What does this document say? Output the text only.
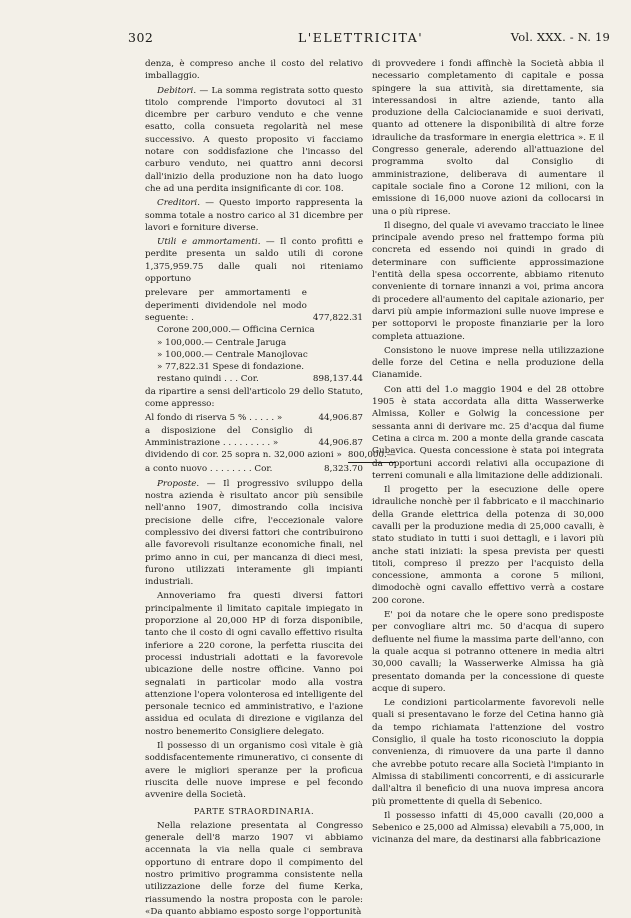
302	L'ELETTRICITA'	Vol. XXX. - N. 19

denza, è compreso anche il costo del relativo imballaggio.

Debitori. — La somma registrata sotto questo titolo comprende l'importo dovutoci al 31 dicembre per carburo venduto e che venne esatto, colla consueta regolarità nel mese successivo. A questo proposito vi facciamo notare con soddisfazione che l'incasso del carburo venduto, nei quattro anni decorsi dall'inizio della produzione non ha dato luogo che ad una perdita insignificante di cor. 108.

Creditori. — Questo importo rappresenta la somma totale a nostro carico al 31 dicembre per lavori e forniture diverse.

Utili e ammortamenti. — Il conto profitti e perdite presenta un saldo utili di corone 1,375,959.75 dalle quali noi riteniamo opportuno

prelevare per ammortamenti e deperimenti dividendole nel modo seguente: .	477,822.31
Corone 200,000.— Officina Cernica
» 100,000.— Centrale Jaruga
» 100,000.— Centrale Manojlovac
» 77,822.31 Spese di fondazione.
restano quindi . . . Cor.	898,137.44

da ripartire a sensi dell'articolo 29 dello Statuto, come appresso:

Al fondo di riserva 5 % . . . . . »	44,906.87
a disposizione del Consiglio di Amministrazione . . . . . . . . . »	44,906.87
dividendo di cor. 25 sopra n. 32,000 azioni » 800,000.—
a conto nuovo . . . . . . . . Cor.	8,323.70

Proposte. — Il progressivo sviluppo della nostra azienda è risultato ancor più sensibile nell'anno 1907, dimostrando colla incisiva precisione delle cifre, l'eccezionale valore complessivo dei diversi fattori che contribuirono alle favorevoli risultanze economiche finali, nel primo anno in cui, per mancanza di dieci mesi, furono utilizzati interamente gli impianti industriali.

Annoveriamo fra questi diversi fattori principalmente il limitato capitale impiegato in proporzione al 20,000 HP di forza disponibile, tanto che il costo di ogni cavallo effettivo risulta inferiore a 220 corone, la perfetta riuscita dei processi industriali adottati e la favorevole ubicazione delle nostre officine. Vanno poi segnalati in particolar modo alla vostra attenzione l'opera volonterosa ed intelligente del personale tecnico ed amministrativo, e l'azione assidua ed oculata di direzione e vigilanza del nostro benemerito Consigliere delegato.

Il possesso di un organismo così vitale è già soddisfacentemente rimunerativo, ci consente di avere le migliori speranze per la proficua riuscita delle nuove imprese e pel fecondo avvenire della Società.

PARTE STRAORDINARIA.

Nella relazione presentata al Congresso generale dell'8 marzo 1907 vi abbiamo accennata la via nella quale ci sembrava opportuno di entrare dopo il compimento del nostro primitivo programma consistente nella utilizzazione delle forze del fiume Kerka, riassumendo la nostra proposta con le parole: «Da quanto abbiamo esposto sorge l'opportunità

di provvedere i fondi affinchè la Società abbia il necessario completamento di capitale e possa spingere la sua attività, sia direttamente, sia interessandosi in altre aziende, tanto alla produzione della Calciocianamide e suoi derivati, quanto ad ottenere la disponibilità di altre forze idrauliche da trasformare in energia elettrica ». E il Congresso generale, aderendo all'attuazione del programma svolto dal Consiglio di amministrazione, deliberava di aumentare il capitale sociale fino a Corone 12 milioni, con la emissione di 16,000 nuove azioni da collocarsi in una o più riprese.

Il disegno, del quale vi avevamo tracciato le linee principale avendo preso nel frattempo forma più concreta ed essendo noi quindi in grado di determinare con sufficiente approssimazione l'entità della spesa occorrente, abbiamo ritenuto conveniente di tornare innanzi a voi, prima ancora di procedere all'aumento del capitale azionario, per darvi più ampie informazioni sulle nuove imprese e per sottoporvi le proposte finanziarie per la loro completa attuazione.

Consistono le nuove imprese nella utilizzazione delle forze del Cetina e nella produzione della Cianamide.

Con atti del 1.o maggio 1904 e del 28 ottobre 1905 è stata accordata alla ditta Wasserwerke Almissa, Koller e Golwig la concessione per sessanta anni di derivare mc. 25 d'acqua dal fiume Cetina a circa m. 200 a monte della grande cascata Gubavica. Questa concessione è stata poi integrata da opportuni accordi relativi alla occupazione di terreni comunali e alla limitazione delle addizionali.

Il progetto per la esecuzione delle opere idrauliche nonchè per il fabbricato e il macchinario della Grande elettrica della potenza di 30,000 cavalli per la produzione media di 25,000 cavalli, è stato studiato in tutti i suoi dettagli, e i lavori più anche stati iniziati: la spesa prevista per questi titoli, compreso il prezzo per l'acquisto della concessione, ammonta a corone 5 milioni, dimodochè ogni cavallo effettivo verrà a costare 200 corone.

E' poi da notare che le opere sono predisposte per convogliare altri mc. 50 d'acqua di supero defluente nel fiume la massima parte dell'anno, con la quale acqua si potranno ottenere in media altri 30,000 cavalli; la Wasserwerke Almissa ha già presentato domanda per la concessione di queste acque di supero.

Le condizioni particolarmente favorevoli nelle quali si presentavano le forze del Cetina hanno già da tempo richiamata l'attenzione del vostro Consiglio, il quale ha tosto riconosciuto la doppia convenienza, di rimuovere da una parte il danno che avrebbe potuto recare alla Società l'impianto in Almissa di stabilimenti concorrenti, e di assicurarle dall'altra il beneficio di una nuova impresa ancora più promettente di quella di Sebenico.

Il possesso infatti di 45,000 cavalli (20,000 a Sebenico e 25,000 ad Almissa) elevabili a 75,000, in vicinanza del mare, da destinarsi alla fabbricazione
